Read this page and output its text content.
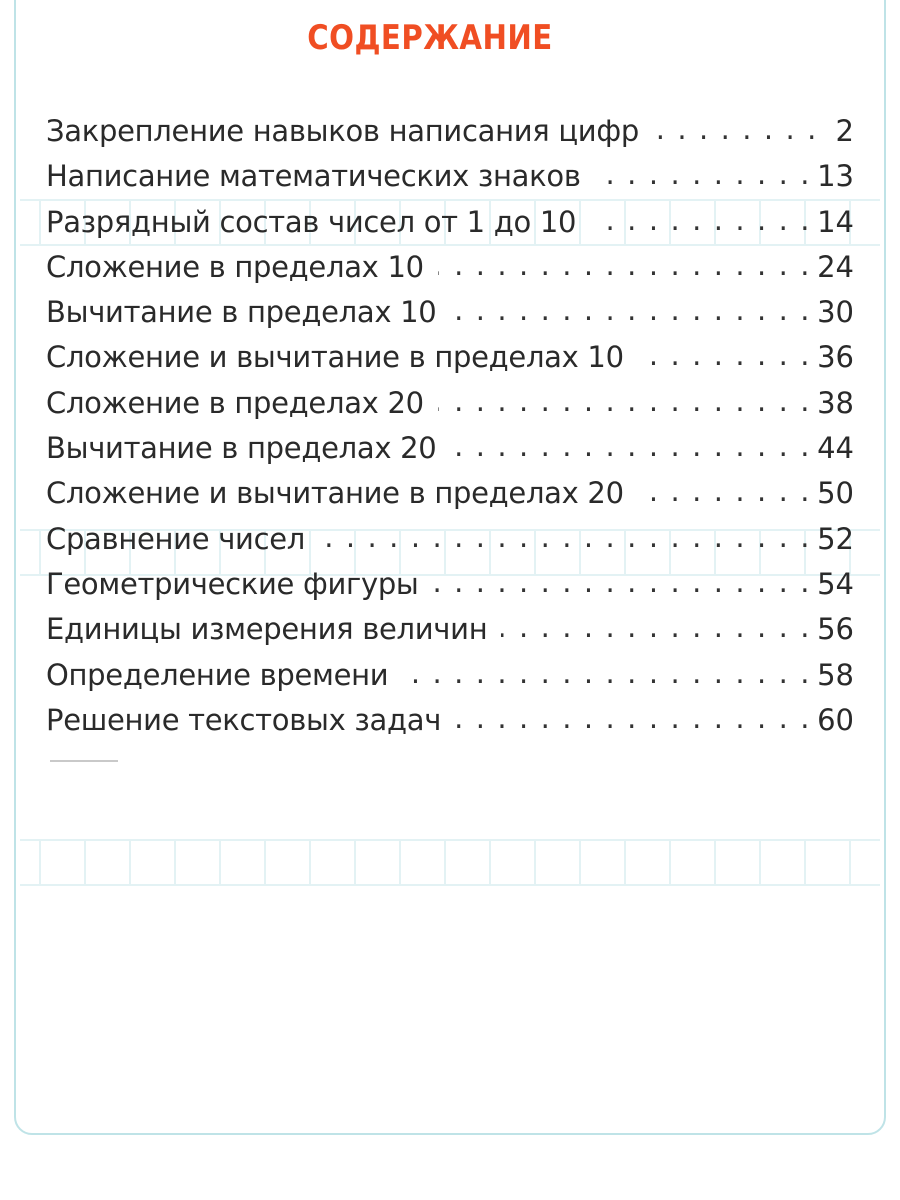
СОДЕРЖАНИЕ
Закрепление навыков написания цифр . . .	2
Написание математических знаков . . .	13
Разрядный состав чисел от 1 до 10 . . .	14
Сложение в пределах 10 . . .	24
Вычитание в пределах 10 . . .	30
Сложение и вычитание в пределах 10 . . .	36
Сложение в пределах 20 . . .	38
Вычитание в пределах 20 . . .	44
Сложение и вычитание в пределах 20 . . .	50
Сравнение чисел . . .	52
Геометрические фигуры . . .	54
Единицы измерения величин . . .	56
Определение времени . . .	58
Решение текстовых задач . . .	60
